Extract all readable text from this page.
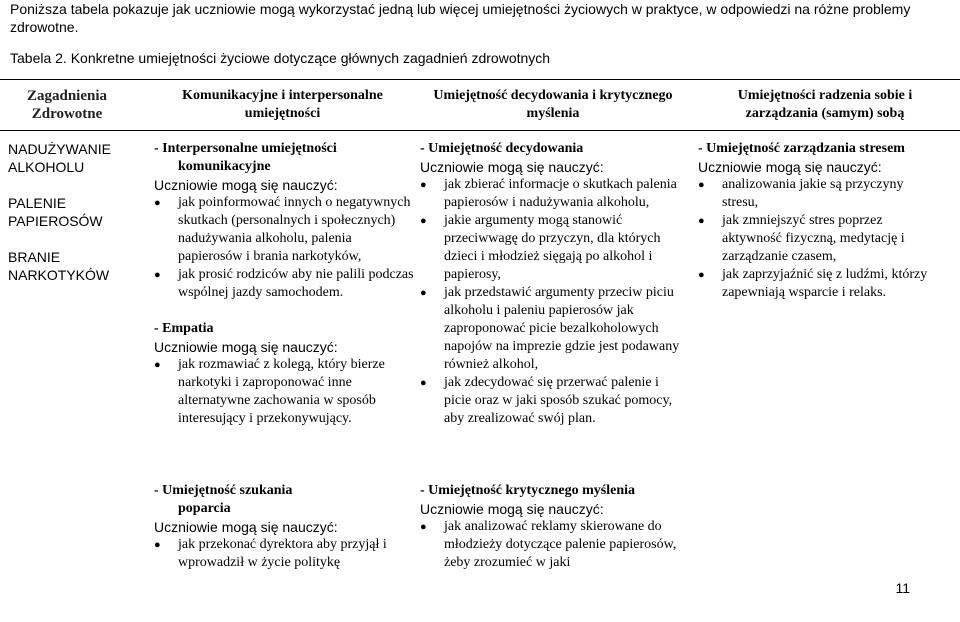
Poniższa tabela pokazuje jak uczniowie mogą wykorzystać jedną lub więcej umiejętności życiowych w praktyce, w odpowiedzi na różne problemy zdrowotne.
Tabela 2. Konkretne umiejętności życiowe dotyczące głównych zagadnień zdrowotnych
Zagadnienia Zdrowotne
Komunikacyjne i interpersonalne umiejętności
Umiejętność decydowania i krytycznego myślenia
Umiejętności radzenia sobie i zarządzania (samym) sobą
NADUŻYWANIE ALKOHOLU
PALENIE PAPIEROSÓW
BRANIE NARKOTYKÓW

- Interpersonalne umiejętności

komunikacyjne

Uczniowie mogą się nauczyć:

● jak poinformować innych o negatywnych skutkach (personalnych i społecznych) nadużywania alkoholu, palenia papierosów i brania narkotyków,
● jak prosić rodziców aby nie palili podczas wspólnej jazdy samochodem.

- Empatia

Uczniowie mogą się nauczyć:

● jak rozmawiać z kolegą, który bierze narkotyki i zaproponować inne alternatywne zachowania w sposób interesujący i przekonywujący.

- Umiejętność szukania

poparcia

Uczniowie mogą się nauczyć:

● jak przekonać dyrektora aby przyjął i wprowadził w życie politykę

- Umiejętność decydowania

Uczniowie mogą się nauczyć:

● jak zbierać informacje o skutkach palenia papierosów i nadużywania alkoholu,
● jakie argumenty mogą stanowić przeciwwagę do przyczyn, dla których dzieci i młodzież sięgają po alkohol i papierosy,
● jak przedstawić argumenty przeciw piciu alkoholu i paleniu papierosów jak zaproponować picie bezalkoholowych napojów na imprezie gdzie jest podawany również alkohol,
● jak zdecydować się przerwać palenie i picie oraz w jaki sposób szukać pomocy, aby zrealizować swój plan.

- Umiejętność krytycznego myślenia

Uczniowie mogą się nauczyć:

● jak analizować reklamy skierowane do młodzieży dotyczące palenie papierosów, żeby zrozumieć w jaki

- Umiejętność zarządzania stresem

Uczniowie mogą się nauczyć:

● analizowania jakie są przyczyny stresu,
● jak zmniejszyć stres poprzez aktywność fizyczną, medytację i zarządzanie czasem,
● jak zaprzyjaźnić się z ludźmi, którzy zapewniają wsparcie i relaks.
11
